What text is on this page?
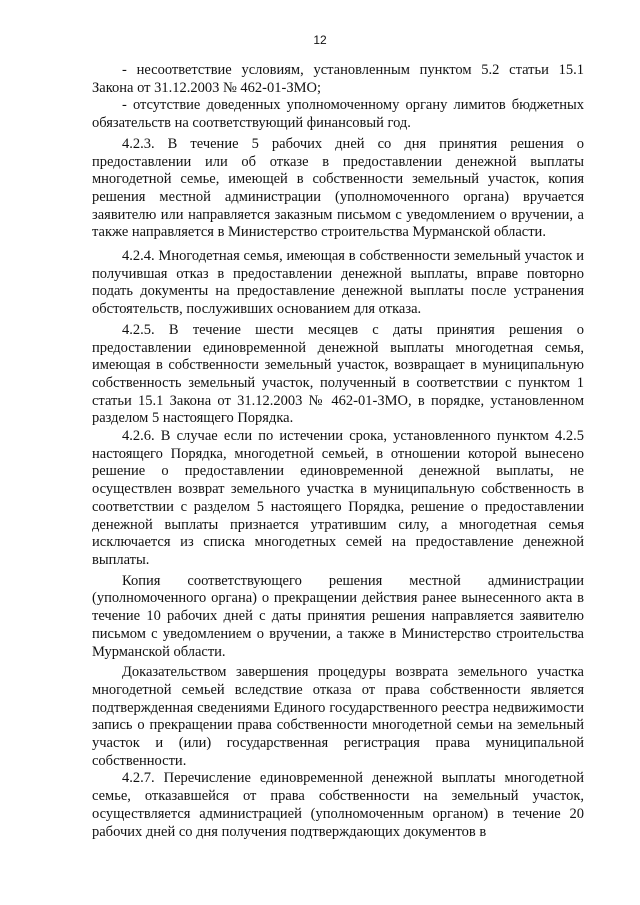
12

- несоответствие условиям, установленным пунктом 5.2 статьи 15.1 Закона от 31.12.2003 № 462-01-ЗМО;

- отсутствие доведенных уполномоченному органу лимитов бюджетных обязательств на соответствующий финансовый год.

4.2.3. В течение 5 рабочих дней со дня принятия решения о предоставлении или об отказе в предоставлении денежной выплаты многодетной семье, имеющей в собственности земельный участок, копия решения местной администрации (уполномоченного органа) вручается заявителю или направляется заказным письмом с уведомлением о вручении, а также направляется в Министерство строительства Мурманской области.

4.2.4. Многодетная семья, имеющая в собственности земельный участок и получившая отказ в предоставлении денежной выплаты, вправе повторно подать документы на предоставление денежной выплаты после устранения обстоятельств, послуживших основанием для отказа.

4.2.5. В течение шести месяцев с даты принятия решения о предоставлении единовременной денежной выплаты многодетная семья, имеющая в собственности земельный участок, возвращает в муниципальную собственность земельный участок, полученный в соответствии с пунктом 1 статьи 15.1 Закона от 31.12.2003 № 462-01-ЗМО, в порядке, установленном разделом 5 настоящего Порядка.

4.2.6. В случае если по истечении срока, установленного пунктом 4.2.5 настоящего Порядка, многодетной семьей, в отношении которой вынесено решение о предоставлении единовременной денежной выплаты, не осуществлен возврат земельного участка в муниципальную собственность в соответствии с разделом 5 настоящего Порядка, решение о предоставлении денежной выплаты признается утратившим силу, а многодетная семья исключается из списка многодетных семей на предоставление денежной выплаты.

Копия соответствующего решения местной администрации (уполномоченного органа) о прекращении действия ранее вынесенного акта в течение 10 рабочих дней с даты принятия решения направляется заявителю письмом с уведомлением о вручении, а также в Министерство строительства Мурманской области.

Доказательством завершения процедуры возврата земельного участка многодетной семьей вследствие отказа от права собственности является подтвержденная сведениями Единого государственного реестра недвижимости запись о прекращении права собственности многодетной семьи на земельный участок и (или) государственная регистрация права муниципальной собственности.

4.2.7. Перечисление единовременной денежной выплаты многодетной семье, отказавшейся от права собственности на земельный участок, осуществляется администрацией (уполномоченным органом) в течение 20 рабочих дней со дня получения подтверждающих документов в
